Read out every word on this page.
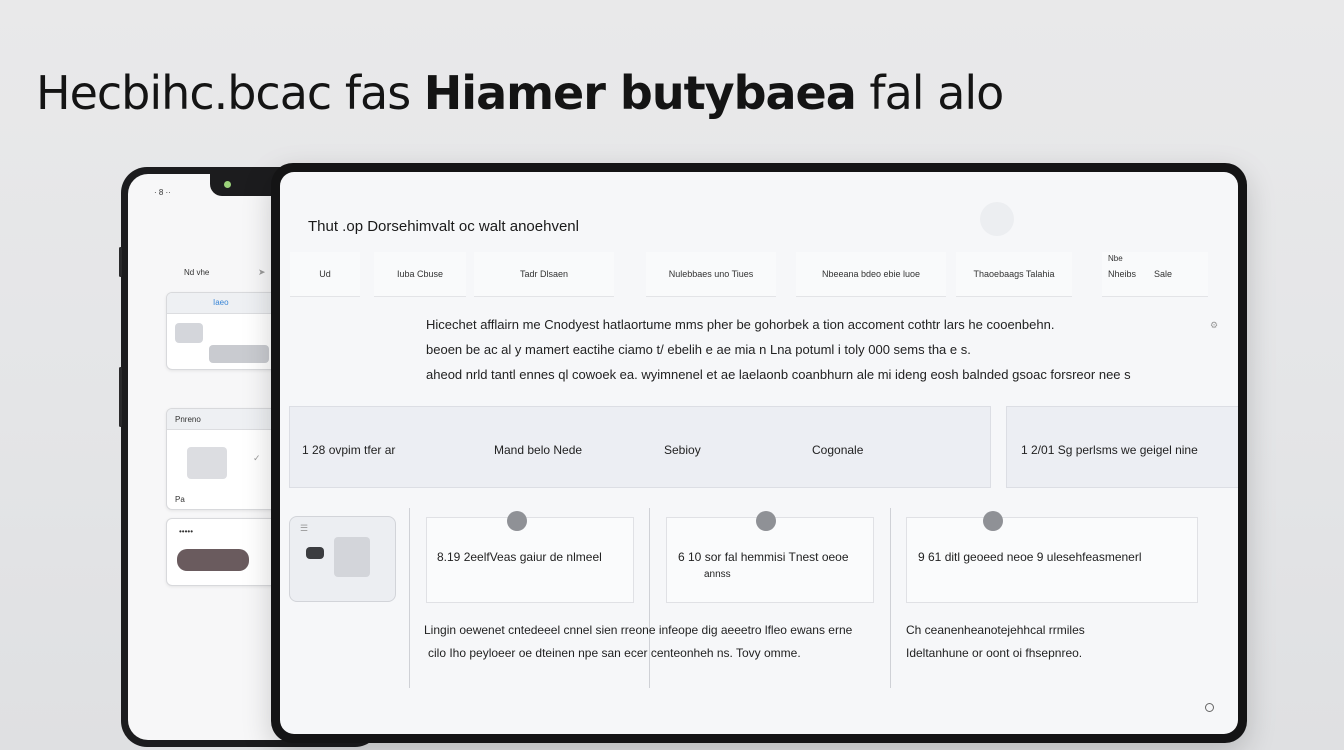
Hecbihc.bcac fas Hiamer butybaea fal alo
· 8 ··
Nd vhe	➤
Iaeo
Pnreno
✓
Pa
•••••
Thut .op Dorsehimvalt oc walt anoehvenl
Ud	Iuba Cbuse	Tadr Dlsaen	Nulebbaes uno Tiues	Nbeeana bdeo ebie luoe	Thaoebaags Talahia
Nbe
Nheibs Sale
Hicechet afflairn me Cnodyest hatlaortume mms pher be gohorbek a tion accoment cothtr lars he cooenbehn.
beoen be ac al y mamert eactihe ciamo t/ ebelih e ae mia n Lna potuml i toly 000 sems tha e s.
aheod nrld tantl ennes ql cowoek ea. wyimnenel et ae laelaonb coanbhurn ale mi ideng eosh balnded gsoac forsreor nee s
⚙
1 28 ovpim tfer ar	Mand belo Nede	Sebioy	Cogonale	1 2/01 Sg perlsms we geigel nine
☰
8.19 2eelfVeas gaiur de nlmeel	6 10 sor fal hemmisi Tnest oeoe
annss
9 61 ditl geoeed neoe 9 ulesehfeasmenerl
Lingin oewenet cntedeeel cnnel sien rreone infeope dig aeeetro lfleo ewans erne
cilo Iho peyloeer oe dteinen npe san ecer centeonheh ns. Tovy omme.
Ch ceanenheanotejehhcal rrmiles
Ideltanhune or oont oi fhsepnreo.
